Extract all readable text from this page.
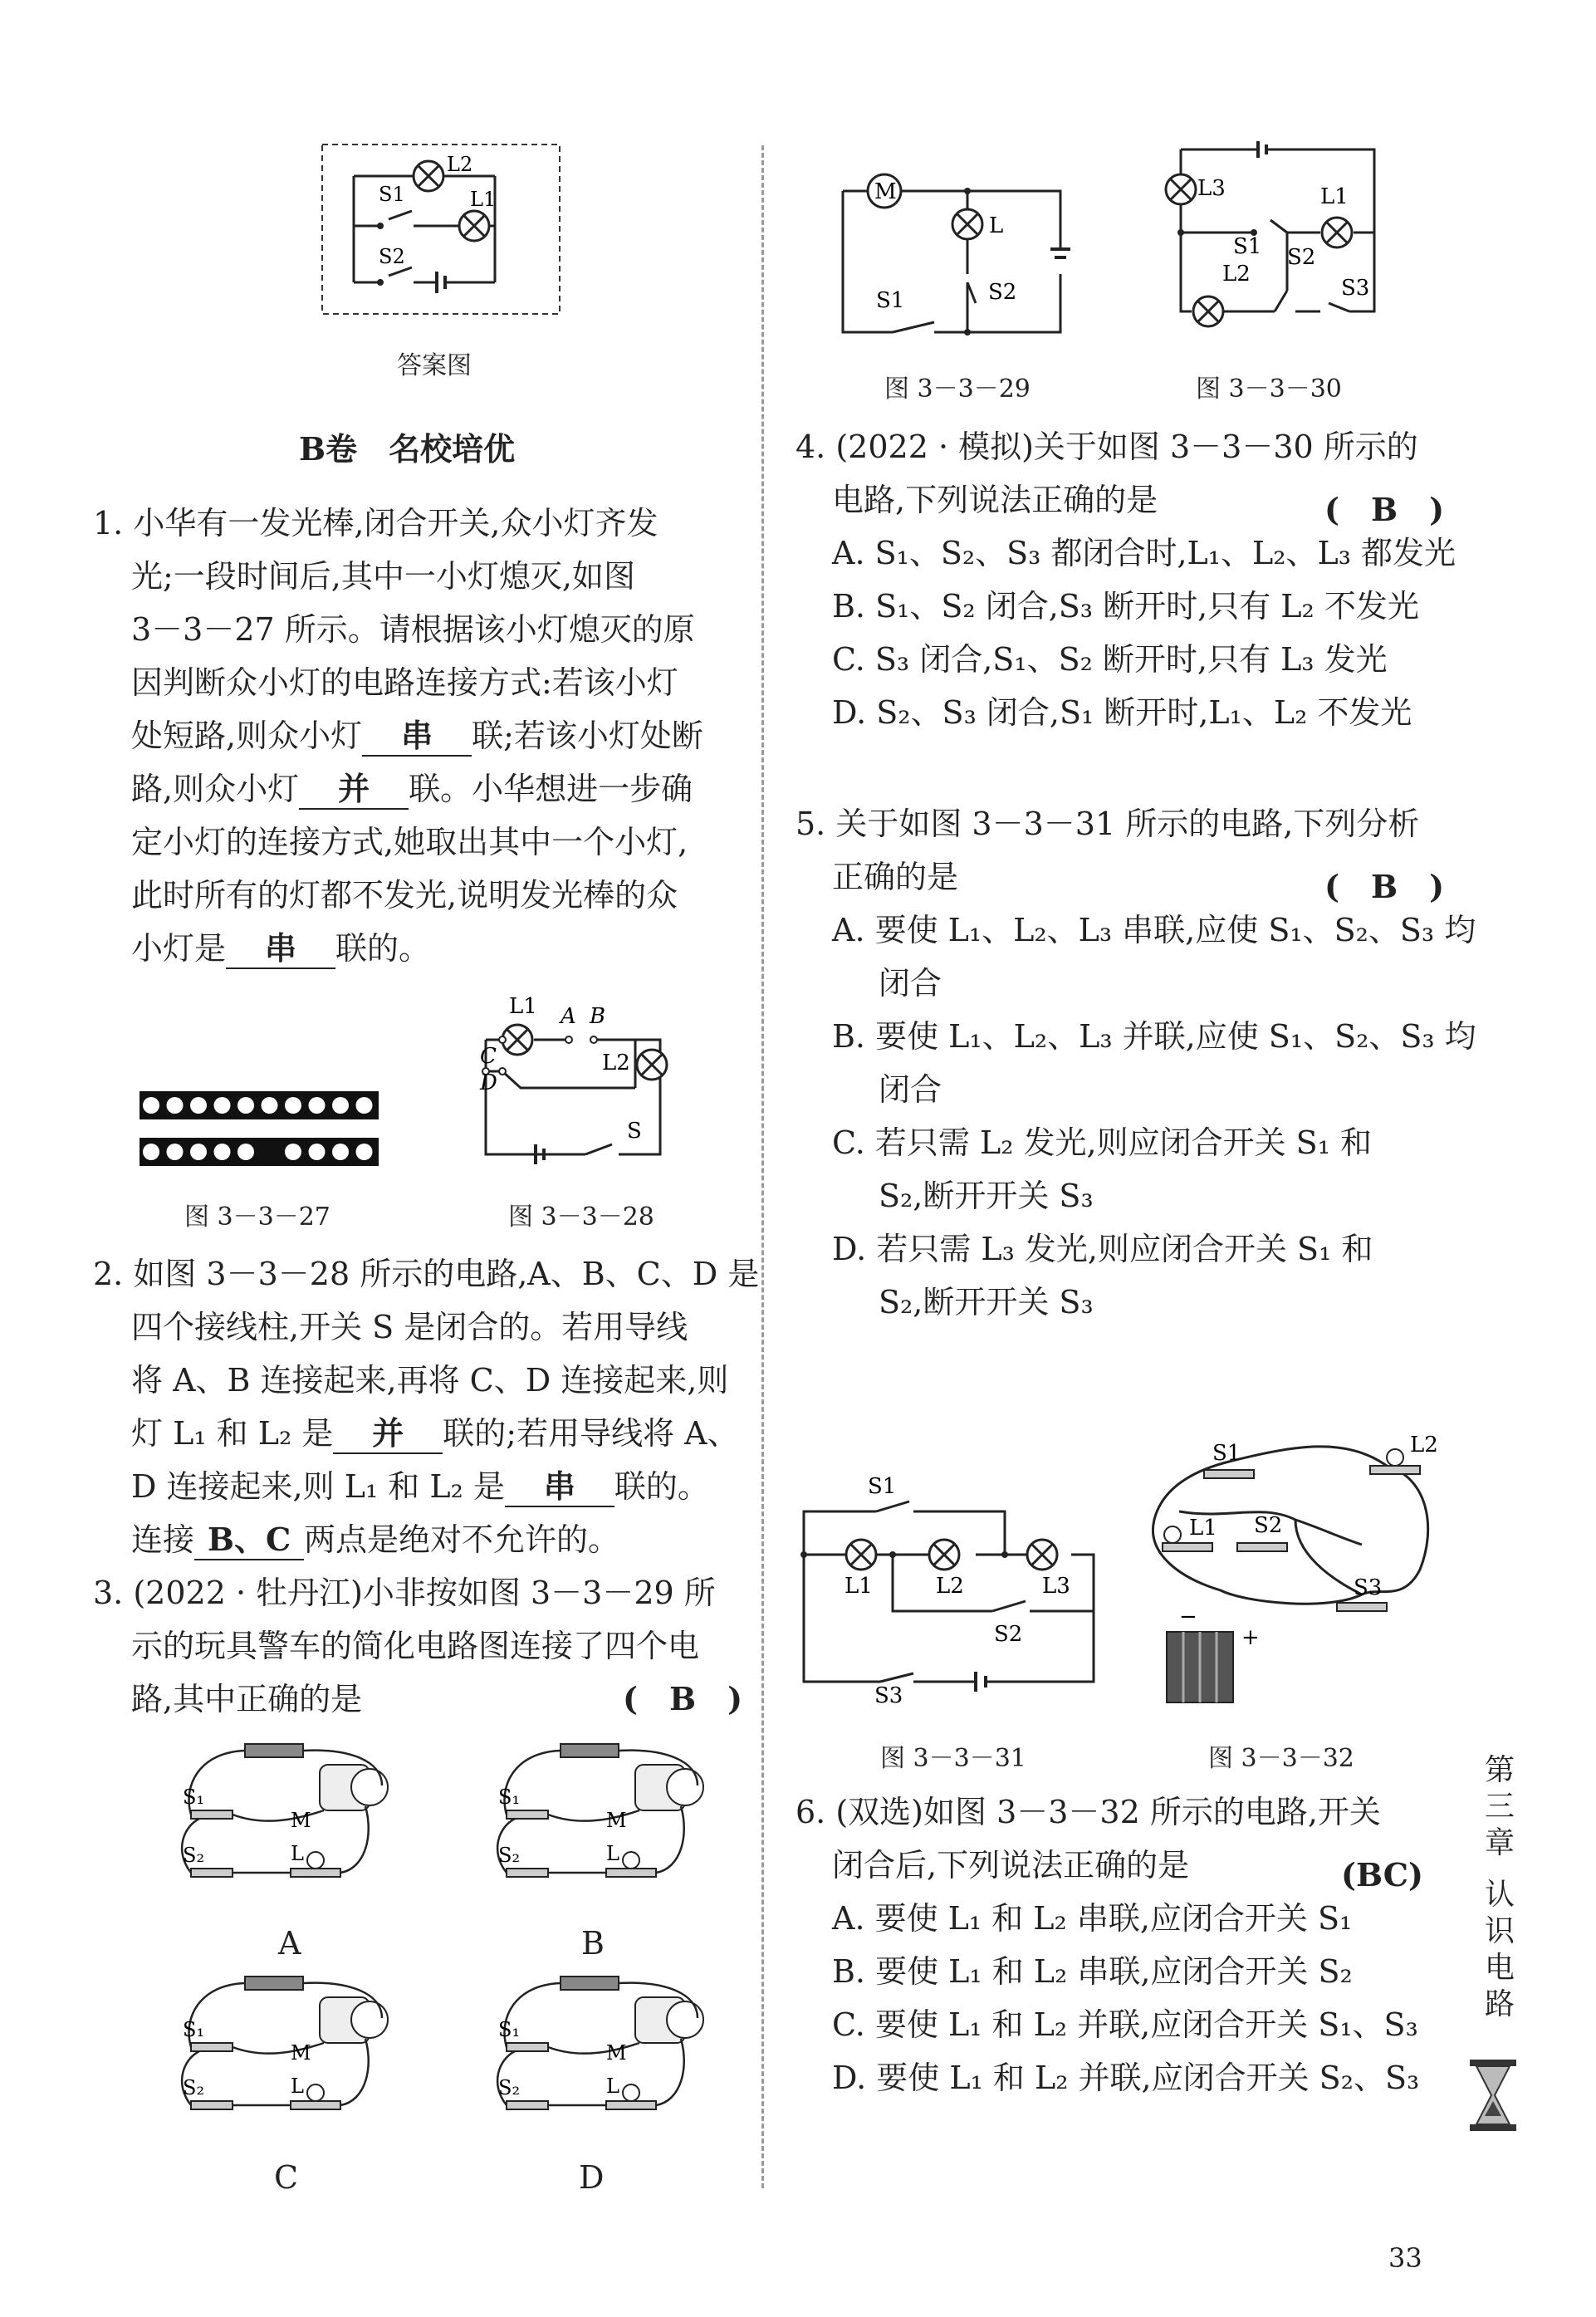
L2
S1	L1
S2
答案图
B卷　名校培优
1. 小华有一发光棒,闭合开关,众小灯齐发
光;一段时间后,其中一小灯熄灭,如图
3－3－27 所示。请根据该小灯熄灭的原
因判断众小灯的电路连接方式:若该小灯
处短路,则众小灯 串 联;若该小灯处断
路,则众小灯 并 联。小华想进一步确
定小灯的连接方式,她取出其中一个小灯,
此时所有的灯都不发光,说明发光棒的众
小灯是 串 联的。
图 3－3－27
L1 A B
C
D
L2
S
图 3－3－28
2. 如图 3－3－28 所示的电路,A、B、C、D 是
四个接线柱,开关 S 是闭合的。若用导线
将 A、B 连接起来,再将 C、D 连接起来,则
灯 L₁ 和 L₂ 是 并 联的;若用导线将 A、
D 连接起来,则 L₁ 和 L₂ 是 串 联的。
连接 B、C 两点是绝对不允许的。
3. (2022 · 牡丹江)小非按如图 3－3－29 所
示的玩具警车的简化电路图连接了四个电
路,其中正确的是	(　B　)
S₁
S₂
M
L
S₁
S₂
M
L
S₁
S₂
M
L
S₁
S₂
M
L
A	B
C	D
M
L
S1	S2
图 3－3－29
L3	L1
S1 S2
L2
S3
图 3－3－30
4. (2022 · 模拟)关于如图 3－3－30 所示的
电路,下列说法正确的是
A. S₁、S₂、S₃ 都闭合时,L₁、L₂、L₃ 都发光
B. S₁、S₂ 闭合,S₃ 断开时,只有 L₂ 不发光
C. S₃ 闭合,S₁、S₂ 断开时,只有 L₃ 发光
D. S₂、S₃ 闭合,S₁ 断开时,L₁、L₂ 不发光
(　B　)
5. 关于如图 3－3－31 所示的电路,下列分析
正确的是
A. 要使 L₁、L₂、L₃ 串联,应使 S₁、S₂、S₃ 均
闭合
B. 要使 L₁、L₂、L₃ 并联,应使 S₁、S₂、S₃ 均
闭合
C. 若只需 L₂ 发光,则应闭合开关 S₁ 和
S₂,断开开关 S₃
D. 若只需 L₃ 发光,则应闭合开关 S₁ 和
S₂,断开开关 S₃
(　B　)
S1
L1	L2	L3
S2
S3
图 3－3－31
S1	L2
L1 S2
S3
−
+
图 3－3－32
6. (双选)如图 3－3－32 所示的电路,开关
闭合后,下列说法正确的是
A. 要使 L₁ 和 L₂ 串联,应闭合开关 S₁
B. 要使 L₁ 和 L₂ 串联,应闭合开关 S₂
C. 要使 L₁ 和 L₂ 并联,应闭合开关 S₁、S₃
D. 要使 L₁ 和 L₂ 并联,应闭合开关 S₂、S₃
(BC)
第三章
认识电路
33
